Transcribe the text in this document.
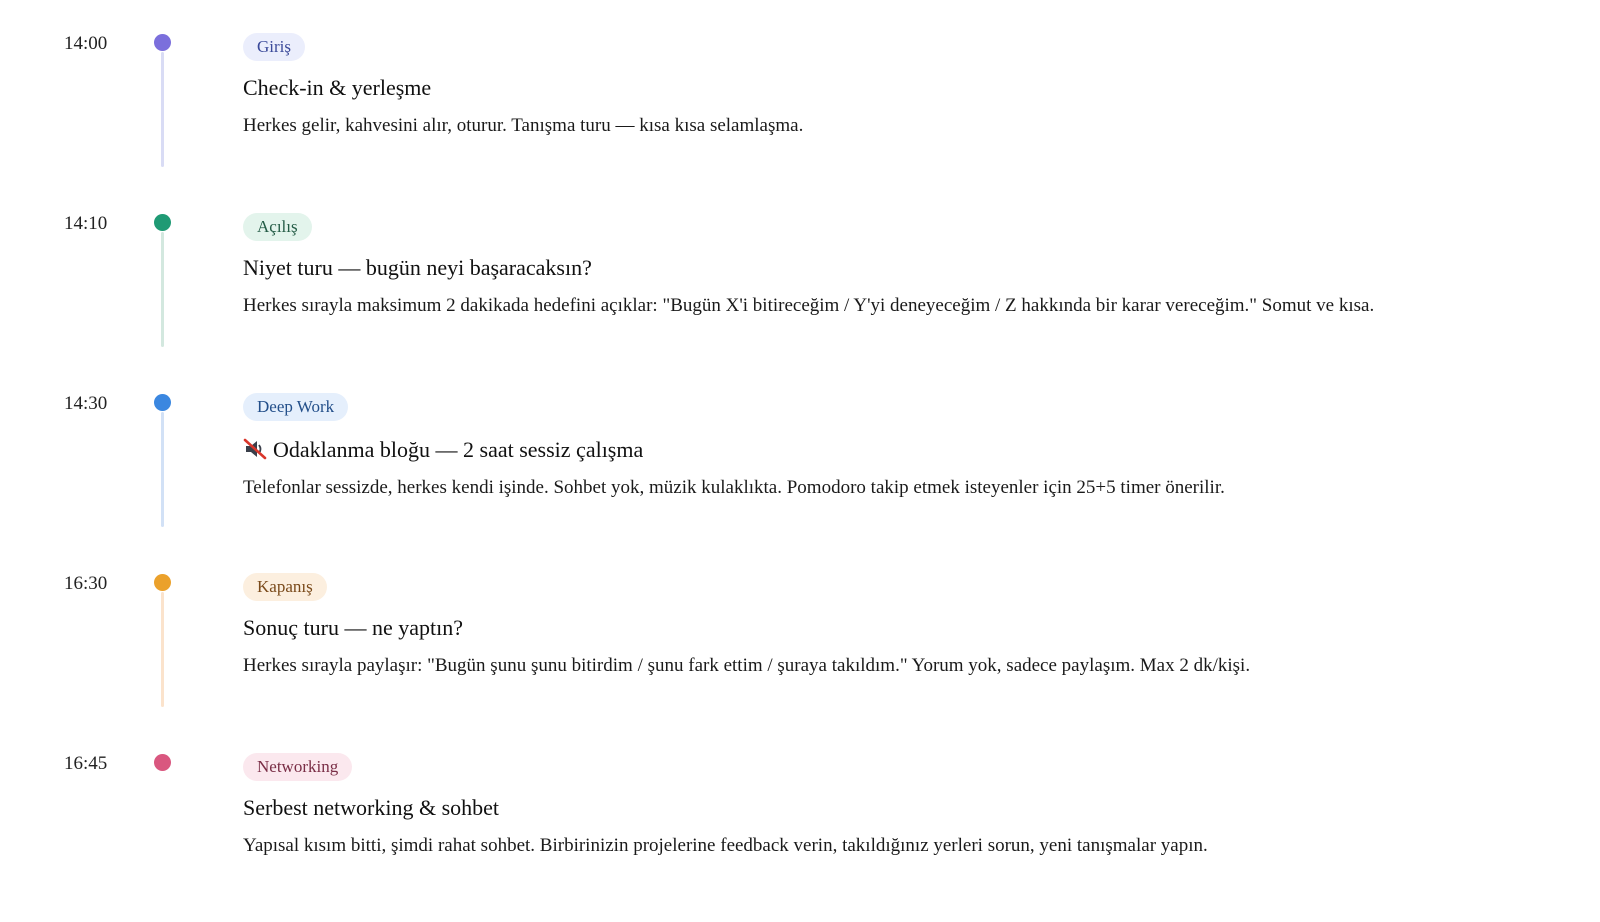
14:00	Giriş
Check-in & yerleşme
Herkes gelir, kahvesini alır, oturur. Tanışma turu — kısa kısa selamlaşma.
14:10	Açılış
Niyet turu — bugün neyi başaracaksın?
Herkes sırayla maksimum 2 dakikada hedefini açıklar: "Bugün X'i bitireceğim / Y'yi deneyeceğim / Z hakkında bir karar vereceğim." Somut ve kısa.
14:30	Deep Work
Odaklanma bloğu — 2 saat sessiz çalışma
Telefonlar sessizde, herkes kendi işinde. Sohbet yok, müzik kulaklıkta. Pomodoro takip etmek isteyenler için 25+5 timer önerilir.
16:30	Kapanış
Sonuç turu — ne yaptın?
Herkes sırayla paylaşır: "Bugün şunu şunu bitirdim / şunu fark ettim / şuraya takıldım." Yorum yok, sadece paylaşım. Max 2 dk/kişi.
16:45	Networking
Serbest networking & sohbet
Yapısal kısım bitti, şimdi rahat sohbet. Birbirinizin projelerine feedback verin, takıldığınız yerleri sorun, yeni tanışmalar yapın.
